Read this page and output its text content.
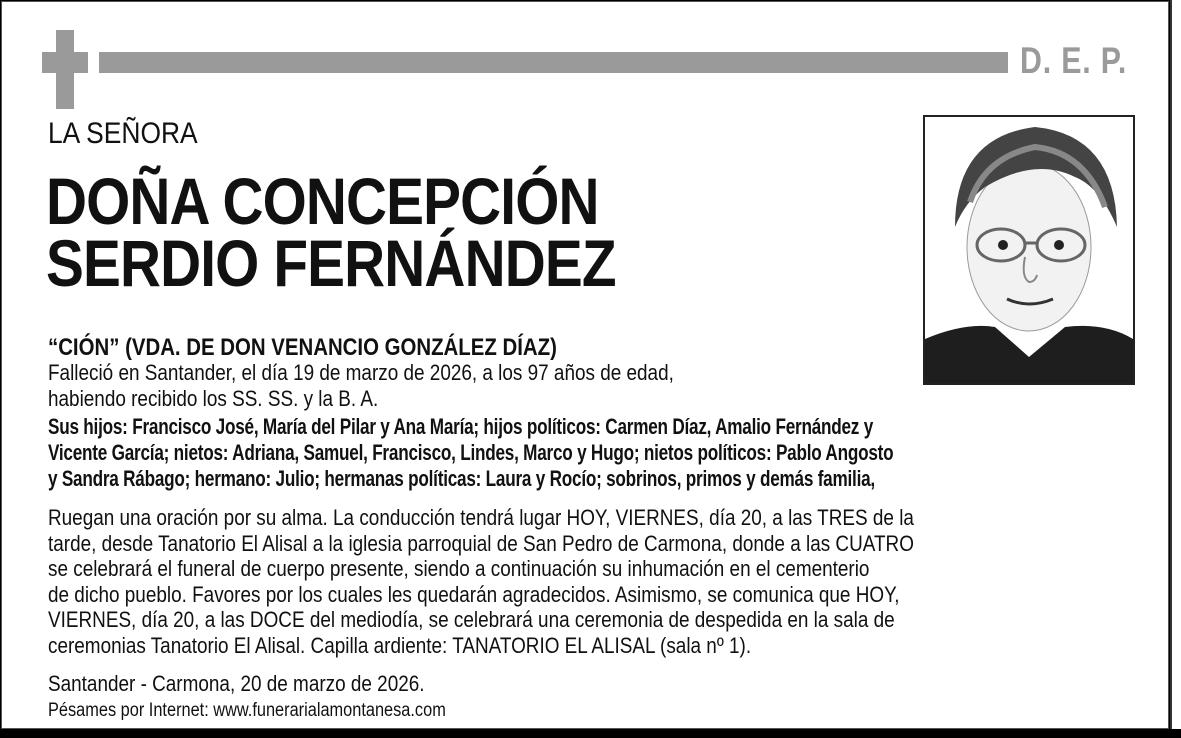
D. E. P.
LA SEÑORA
DOÑA CONCEPCIÓN
SERDIO FERNÁNDEZ
“CIÓN” (VDA. DE DON VENANCIO GONZÁLEZ DÍAZ)
Falleció en Santander, el día 19 de marzo de 2026, a los 97 años de edad,
habiendo recibido los SS. SS. y la B. A.
Sus hijos: Francisco José, María del Pilar y Ana María; hijos políticos: Carmen Díaz, Amalio Fernández y
Vicente García; nietos: Adriana, Samuel, Francisco, Lindes, Marco y Hugo; nietos políticos: Pablo Angosto
y Sandra Rábago; hermano: Julio; hermanas políticas: Laura y Rocío; sobrinos, primos y demás familia,
Ruegan una oración por su alma. La conducción tendrá lugar HOY, VIERNES, día 20, a las TRES de la
tarde, desde Tanatorio El Alisal a la iglesia parroquial de San Pedro de Carmona, donde a las CUATRO
se celebrará el funeral de cuerpo presente, siendo a continuación su inhumación en el cementerio
de dicho pueblo. Favores por los cuales les quedarán agradecidos. Asimismo, se comunica que HOY,
VIERNES, día 20, a las DOCE del mediodía, se celebrará una ceremonia de despedida en la sala de
ceremonias Tanatorio El Alisal. Capilla ardiente: TANATORIO EL ALISAL (sala nº 1).
Santander - Carmona, 20 de marzo de 2026.
Pésames por Internet: www.funerarialamontanesa.com
